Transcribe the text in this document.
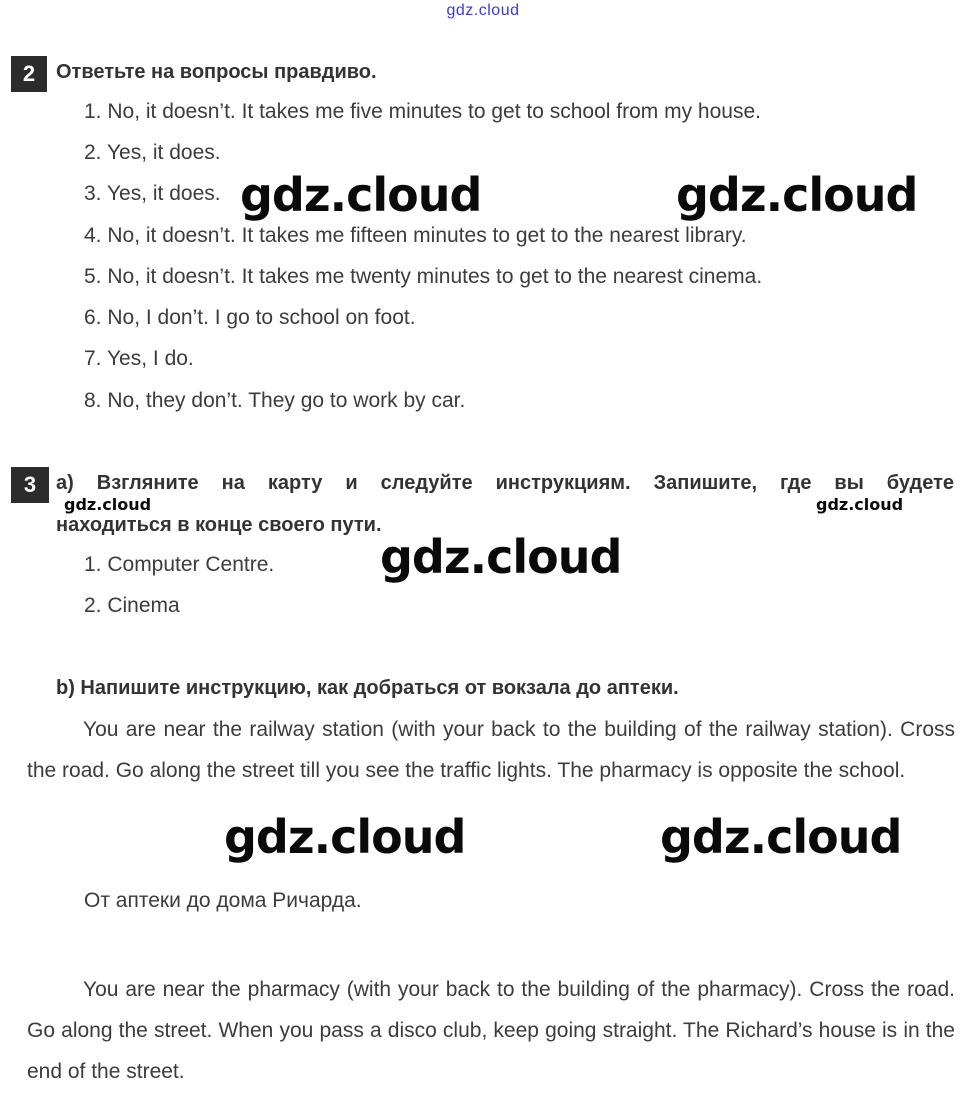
gdz.cloud
2	Ответьте на вопросы правдиво.
1. No, it doesn’t. It takes me five minutes to get to school from my house.
2. Yes, it does.
3. Yes, it does.
4. No, it doesn’t. It takes me fifteen minutes to get to the nearest library.
5. No, it doesn’t. It takes me twenty minutes to get to the nearest cinema.
6. No, I don’t. I go to school on foot.
7. Yes, I do.
8. No, they don’t. They go to work by car.
3 a) Взгляните на карту и следуйте инструкциям. Запишите, где вы будете
находиться в конце своего пути.
1. Computer Centre.
2. Cinema
b) Напишите инструкцию, как добраться от вокзала до аптеки.
You are near the railway station (with your back to the building of the railway station). Cross the road. Go along the street till you see the traffic lights. The pharmacy is opposite the school.
От аптеки до дома Ричарда.
You are near the pharmacy (with your back to the building of the pharmacy). Cross the road. Go along the street. When you pass a disco club, keep going straight. The Richard’s house is in the end of the street.
gdz.cloud	gdz.cloud
gdz.cloud	gdz.cloud
gdz.cloud
gdz.cloud	gdz.cloud
